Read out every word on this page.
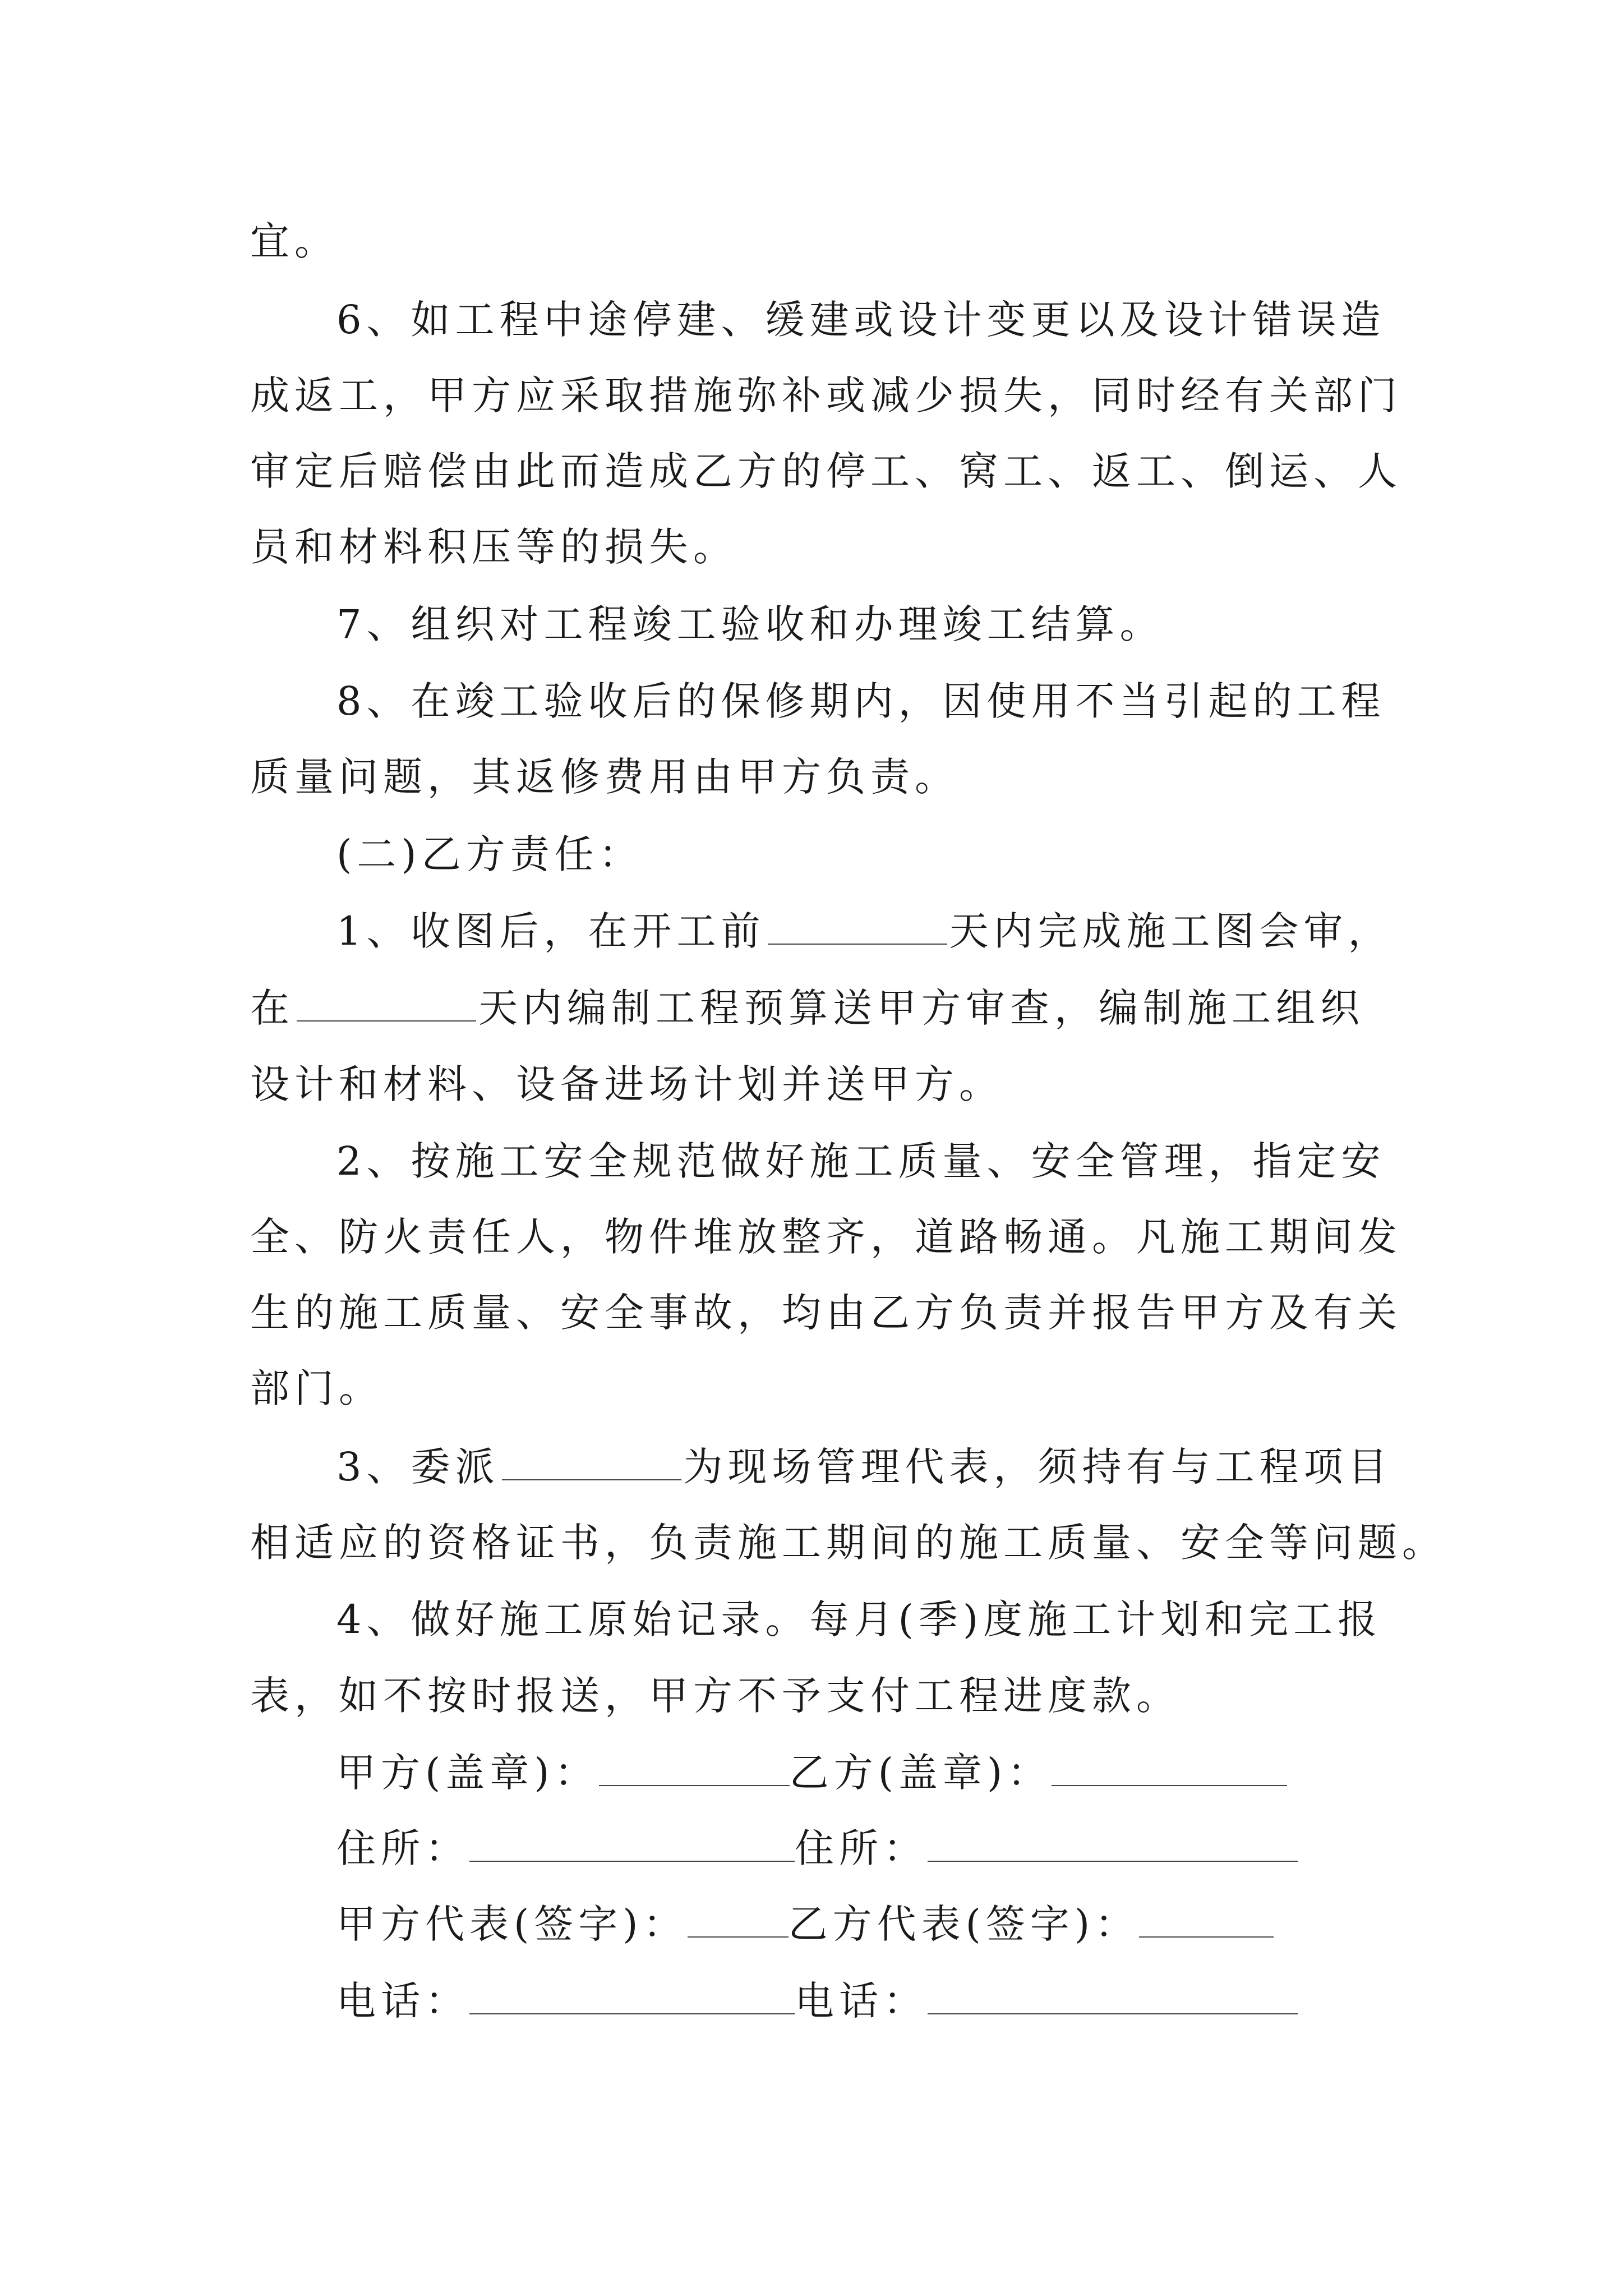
宜。
6、如工程中途停建、缓建或设计变更以及设计错误造
成返工，甲方应采取措施弥补或减少损失，同时经有关部门
审定后赔偿由此而造成乙方的停工、窝工、返工、倒运、人
员和材料积压等的损失。
7、组织对工程竣工验收和办理竣工结算。
8、在竣工验收后的保修期内，因使用不当引起的工程
质量问题，其返修费用由甲方负责。
(二)乙方责任：
1、收图后，在开工前	天内完成施工图会审，
在	天内编制工程预算送甲方审查，编制施工组织
设计和材料、设备进场计划并送甲方。
2、按施工安全规范做好施工质量、安全管理，指定安
全、防火责任人，物件堆放整齐，道路畅通。凡施工期间发
生的施工质量、安全事故，均由乙方负责并报告甲方及有关
部门。
3、委派	为现场管理代表，须持有与工程项目
相适应的资格证书，负责施工期间的施工质量、安全等问题。
4、做好施工原始记录。每月(季)度施工计划和完工报
表，如不按时报送，甲方不予支付工程进度款。
甲方(盖章)：	乙方(盖章)：
住所：	住所：
甲方代表(签字)：	乙方代表(签字)：
电话：	电话：
